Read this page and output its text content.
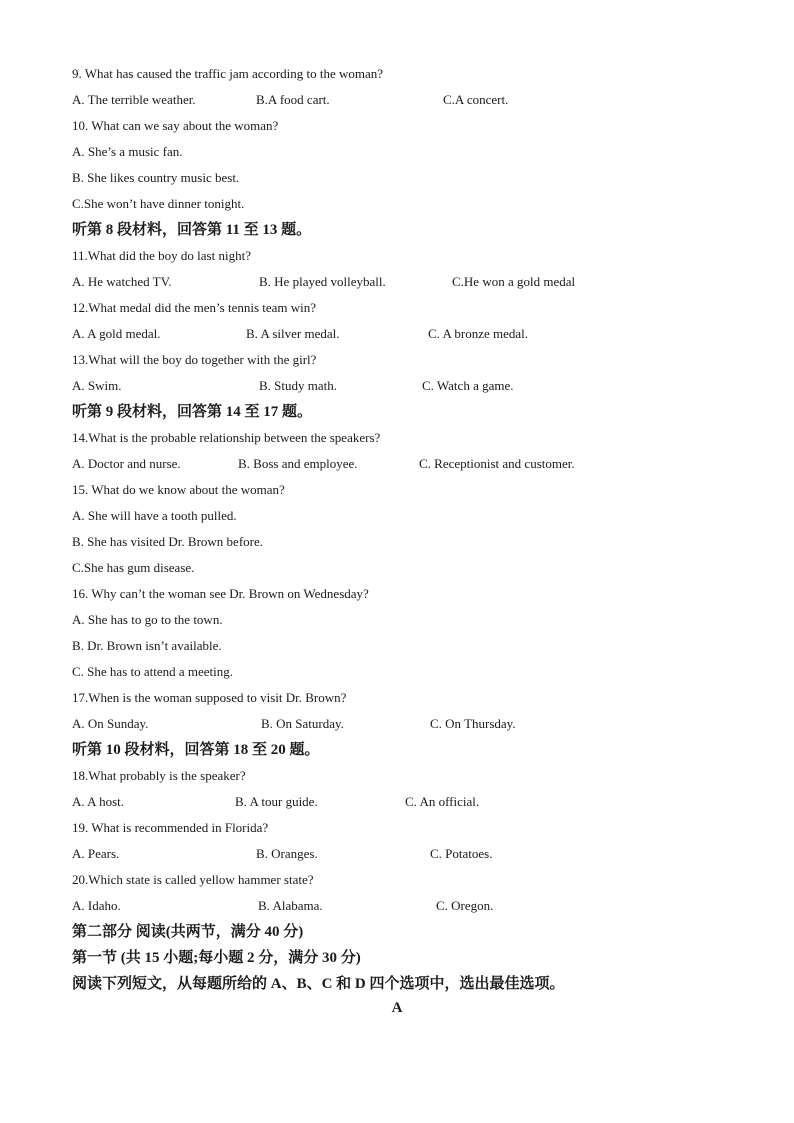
9. What has caused the traffic jam according to the woman?
A. The terrible weather.	B.A food cart.	C.A concert.
10. What can we say about the woman?
A. She’s a music fan.
B. She likes country music best.
C.She won’t have dinner tonight.
听第 8 段材料，回答第 11 至 13 题。
11.What did the boy do last night?
A. He watched TV.	B. He played volleyball.	C.He won a gold medal
12.What medal did the men’s tennis team win?
A. A gold medal.	B. A silver medal.	C. A bronze medal.
13.What will the boy do together with the girl?
A. Swim.	B. Study math.	C. Watch a game.
听第 9 段材料，回答第 14 至 17 题。
14.What is the probable relationship between the speakers?
A. Doctor and nurse.	B. Boss and employee.	C. Receptionist and customer.
15. What do we know about the woman?
A. She will have a tooth pulled.
B. She has visited Dr. Brown before.
C.She has gum disease.
16. Why can’t the woman see Dr. Brown on Wednesday?
A. She has to go to the town.
B. Dr. Brown isn’t available.
C. She has to attend a meeting.
17.When is the woman supposed to visit Dr. Brown?
A. On Sunday.	B. On Saturday.	C. On Thursday.
听第 10 段材料，回答第 18 至 20 题。
18.What probably is the speaker?
A. A host.	B. A tour guide.	C. An official.
19. What is recommended in Florida?
A. Pears.	B. Oranges.	C. Potatoes.
20.Which state is called yellow hammer state?
A. Idaho.	B. Alabama.	C. Oregon.
第二部分 阅读(共两节，满分 40 分)
第一节 (共 15 小题;每小题 2 分，满分 30 分)
阅读下列短文，从每题所给的 A、B、C 和 D 四个选项中，选出最佳选项。
A
